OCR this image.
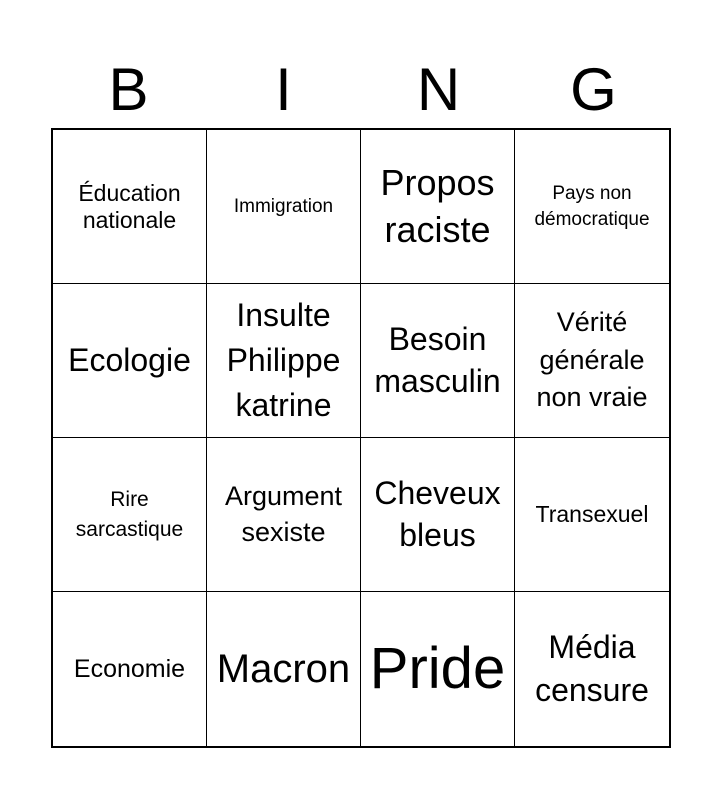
B	I	N	G
Éducation
nationale
Immigration
Propos
raciste
Pays non
démocratique
Ecologie
Insulte
Philippe
katrine
Besoin
masculin
Vérité
générale
non vraie
Rire
sarcastique
Argument
sexiste
Cheveux
bleus
Transexuel
Economie Macron Pride	Média
censure
